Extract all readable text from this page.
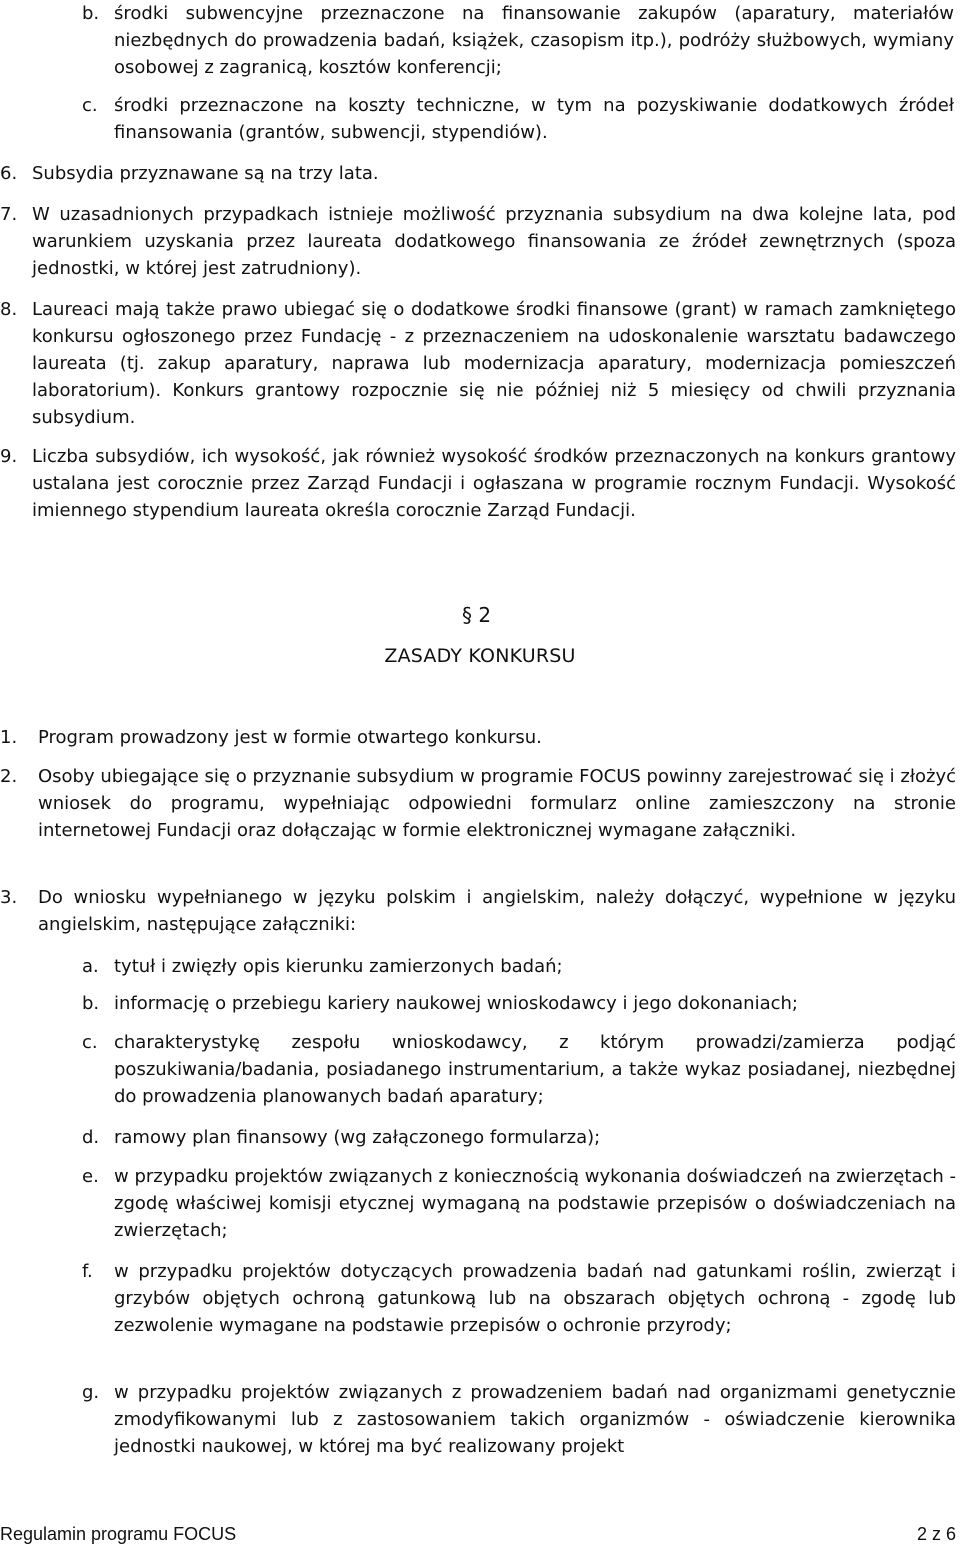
b. środki subwencyjne przeznaczone na finansowanie zakupów (aparatury, materiałów niezbędnych do prowadzenia badań, książek, czasopism itp.), podróży służbowych, wymiany osobowej z zagranicą, kosztów konferencji;
c. środki przeznaczone na koszty techniczne, w tym na pozyskiwanie dodatkowych źródeł finansowania (grantów, subwencji, stypendiów).
6. Subsydia przyznawane są na trzy lata.
7. W uzasadnionych przypadkach istnieje możliwość przyznania subsydium na dwa kolejne lata, pod warunkiem uzyskania przez laureata dodatkowego finansowania ze źródeł zewnętrznych (spoza jednostki, w której jest zatrudniony).
8. Laureaci mają także prawo ubiegać się o dodatkowe środki finansowe (grant) w ramach zamkniętego konkursu ogłoszonego przez Fundację - z przeznaczeniem na udoskonalenie warsztatu badawczego laureata (tj. zakup aparatury, naprawa lub modernizacja aparatury, modernizacja pomieszczeń laboratorium). Konkurs grantowy rozpocznie się nie później niż 5 miesięcy od chwili przyznania subsydium.
9. Liczba subsydiów, ich wysokość, jak również wysokość środków przeznaczonych na konkurs grantowy ustalana jest corocznie przez Zarząd Fundacji i ogłaszana w programie rocznym Fundacji. Wysokość imiennego stypendium laureata określa corocznie Zarząd Fundacji.
§ 2
ZASADY KONKURSU
1. Program prowadzony jest w formie otwartego konkursu.
2. Osoby ubiegające się o przyznanie subsydium w programie FOCUS powinny zarejestrować się i złożyć wniosek do programu, wypełniając odpowiedni formularz online zamieszczony na stronie internetowej Fundacji oraz dołączając w formie elektronicznej wymagane załączniki.
3. Do wniosku wypełnianego w języku polskim i angielskim, należy dołączyć, wypełnione w języku angielskim, następujące załączniki:
a. tytuł i zwięzły opis kierunku zamierzonych badań;
b. informację o przebiegu kariery naukowej wnioskodawcy i jego dokonaniach;
c. charakterystykę zespołu wnioskodawcy, z którym prowadzi/zamierza podjąć poszukiwania/badania, posiadanego instrumentarium, a także wykaz posiadanej, niezbędnej do prowadzenia planowanych badań aparatury;
d. ramowy plan finansowy (wg załączonego formularza);
e. w przypadku projektów związanych z koniecznością wykonania doświadczeń na zwierzętach - zgodę właściwej komisji etycznej wymaganą na podstawie przepisów o doświadczeniach na zwierzętach;
f. w przypadku projektów dotyczących prowadzenia badań nad gatunkami roślin, zwierząt i grzybów objętych ochroną gatunkową lub na obszarach objętych ochroną - zgodę lub zezwolenie wymagane na podstawie przepisów o ochronie przyrody;
g. w przypadku projektów związanych z prowadzeniem badań nad organizmami genetycznie zmodyfikowanymi lub z zastosowaniem takich organizmów - oświadczenie kierownika jednostki naukowej, w której ma być realizowany projekt
Regulamin programu FOCUS	2 z 6
